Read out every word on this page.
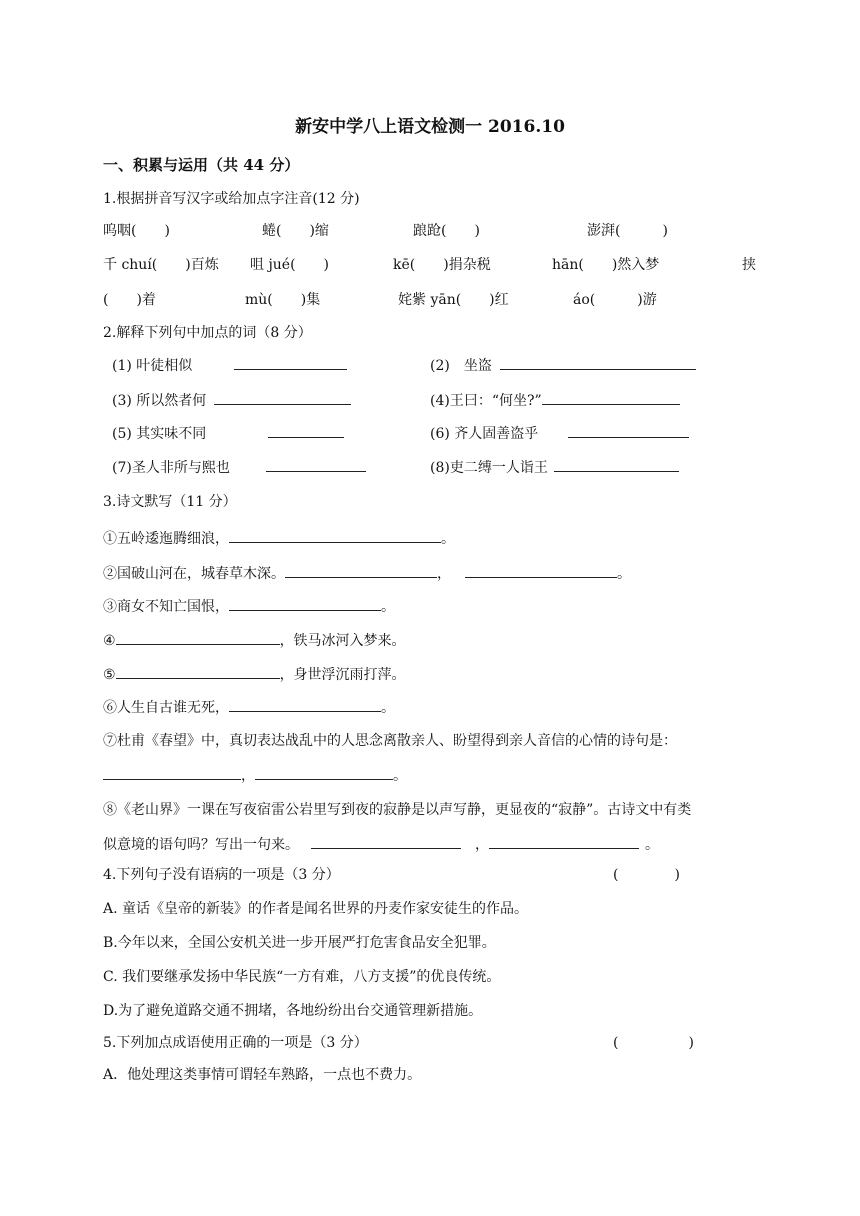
新安中学八上语文检测一 2016.10
一、积累与运用（共 44 分）
1.根据拼音写汉字或给加点字注音(12 分)
呜咽(　　)	蜷(　　)缩	踉跄(　　)	澎湃(　　　)
千 chuí(　　)百炼 咀 jué(　　)	kē(　　)捐杂税	hān(　　)然入梦	挟
(　　)着	mù(　　)集	姹紫 yān(　　)红	áo(　　　)游
2.解释下列句中加点的词（8 分）
(1) 叶徒相似	(2)　坐盗
(3) 所以然者何	(4)王曰：“何坐?”
(5) 其实味不同	(6) 齐人固善盗乎
(7)圣人非所与熙也	(8)吏二缚一人诣王
3.诗文默写（11 分）
①五岭逶迤腾细浪，	。
②国破山河在，城春草木深。	，	。
③商女不知亡国恨，	。
④	，铁马冰河入梦来。
⑤	，身世浮沉雨打萍。
⑥人生自古谁无死，	。
⑦杜甫《春望》中，真切表达战乱中的人思念离散亲人、盼望得到亲人音信的心情的诗句是：
，	。
⑧《老山界》一课在写夜宿雷公岩里写到夜的寂静是以声写静，更显夜的“寂静”。古诗文中有类
似意境的语句吗？写出一句来。	，	。
4.下列句子没有语病的一项是（3 分）	(　　　　)
A. 童话《皇帝的新装》的作者是闻名世界的丹麦作家安徒生的作品。
B.今年以来，全国公安机关进一步开展严打危害食品安全犯罪。
C. 我们要继承发扬中华民族“一方有难，八方支援”的优良传统。
D.为了避免道路交通不拥堵，各地纷纷出台交通管理新措施。
5.下列加点成语使用正确的一项是（3 分）	(　　　　　)
A．他处理这类事情可谓轻车熟路，一点也不费力。
